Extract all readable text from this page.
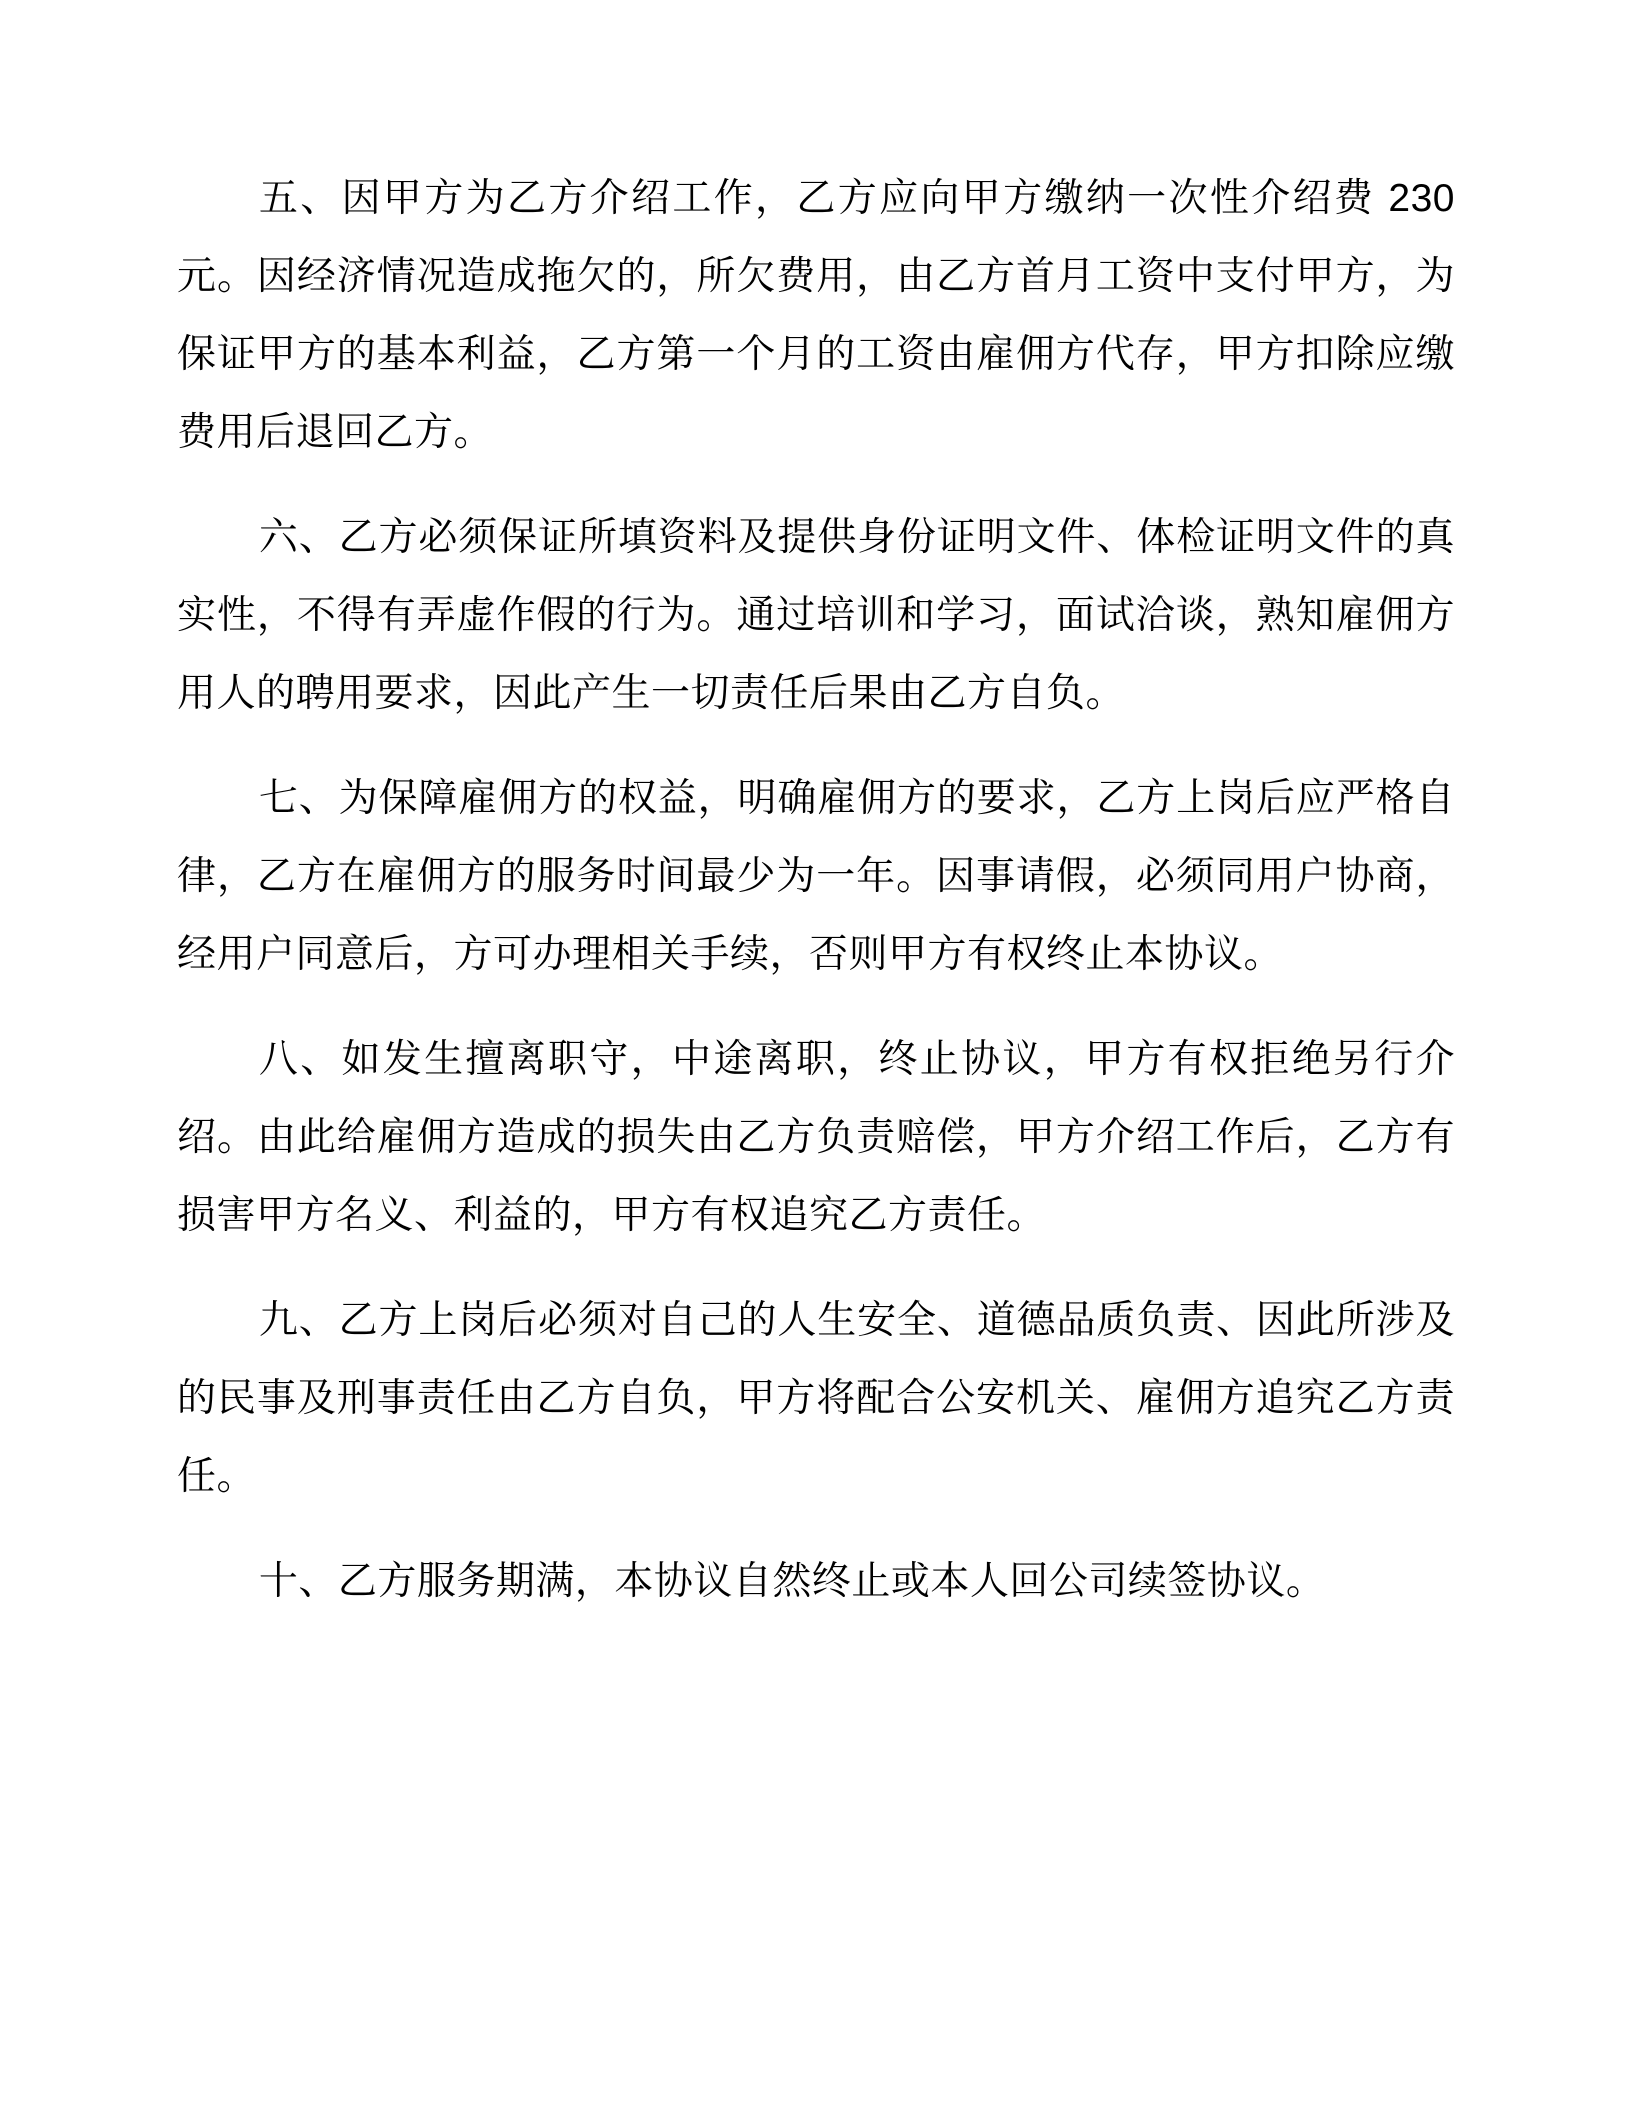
五、因甲方为乙方介绍工作，乙方应向甲方缴纳一次性介绍费 230 元。因经济情况造成拖欠的，所欠费用，由乙方首月工资中支付甲方，为保证甲方的基本利益，乙方第一个月的工资由雇佣方代存，甲方扣除应缴费用后退回乙方。

六、乙方必须保证所填资料及提供身份证明文件、体检证明文件的真实性，不得有弄虚作假的行为。通过培训和学习，面试洽谈，熟知雇佣方用人的聘用要求，因此产生一切责任后果由乙方自负。

七、为保障雇佣方的权益，明确雇佣方的要求，乙方上岗后应严格自律，乙方在雇佣方的服务时间最少为一年。因事请假，必须同用户协商，经用户同意后，方可办理相关手续，否则甲方有权终止本协议。

八、如发生擅离职守，中途离职，终止协议，甲方有权拒绝另行介绍。由此给雇佣方造成的损失由乙方负责赔偿，甲方介绍工作后，乙方有损害甲方名义、利益的，甲方有权追究乙方责任。

九、乙方上岗后必须对自己的人生安全、道德品质负责、因此所涉及的民事及刑事责任由乙方自负，甲方将配合公安机关、雇佣方追究乙方责任。

十、乙方服务期满，本协议自然终止或本人回公司续签协议。
